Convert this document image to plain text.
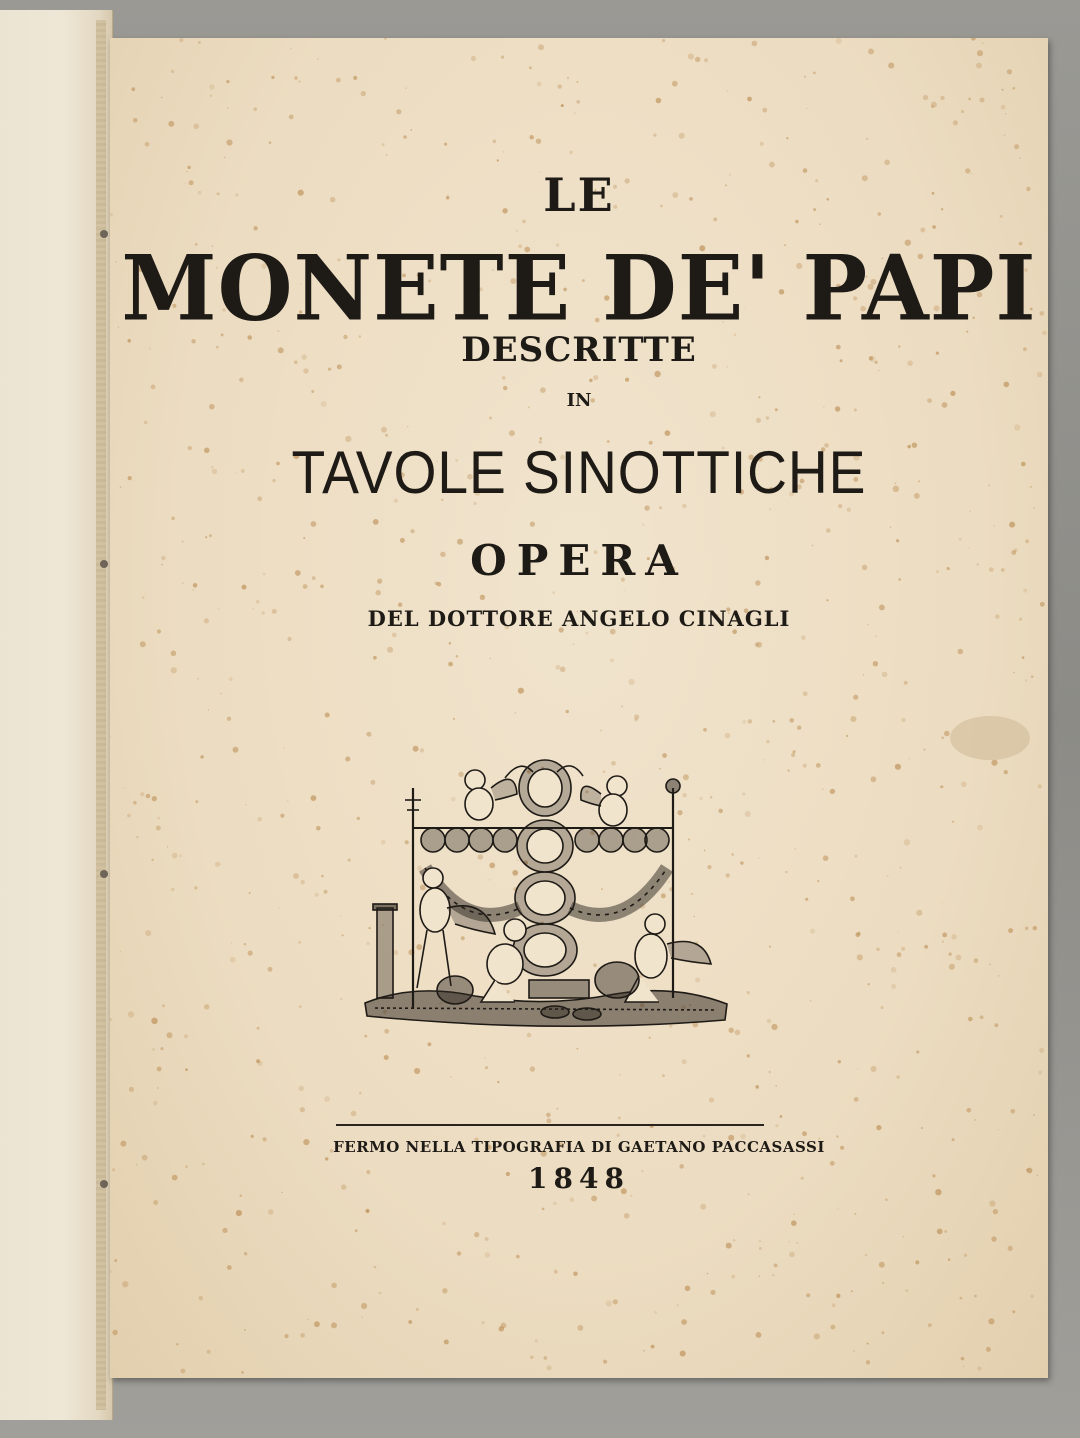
LE
MONETE DE' PAPI
DESCRITTE
IN
TAVOLE SINOTTICHE
OPERA
DEL DOTTORE ANGELO CINAGLI
FERMO NELLA TIPOGRAFIA DI GAETANO PACCASASSI
1848
